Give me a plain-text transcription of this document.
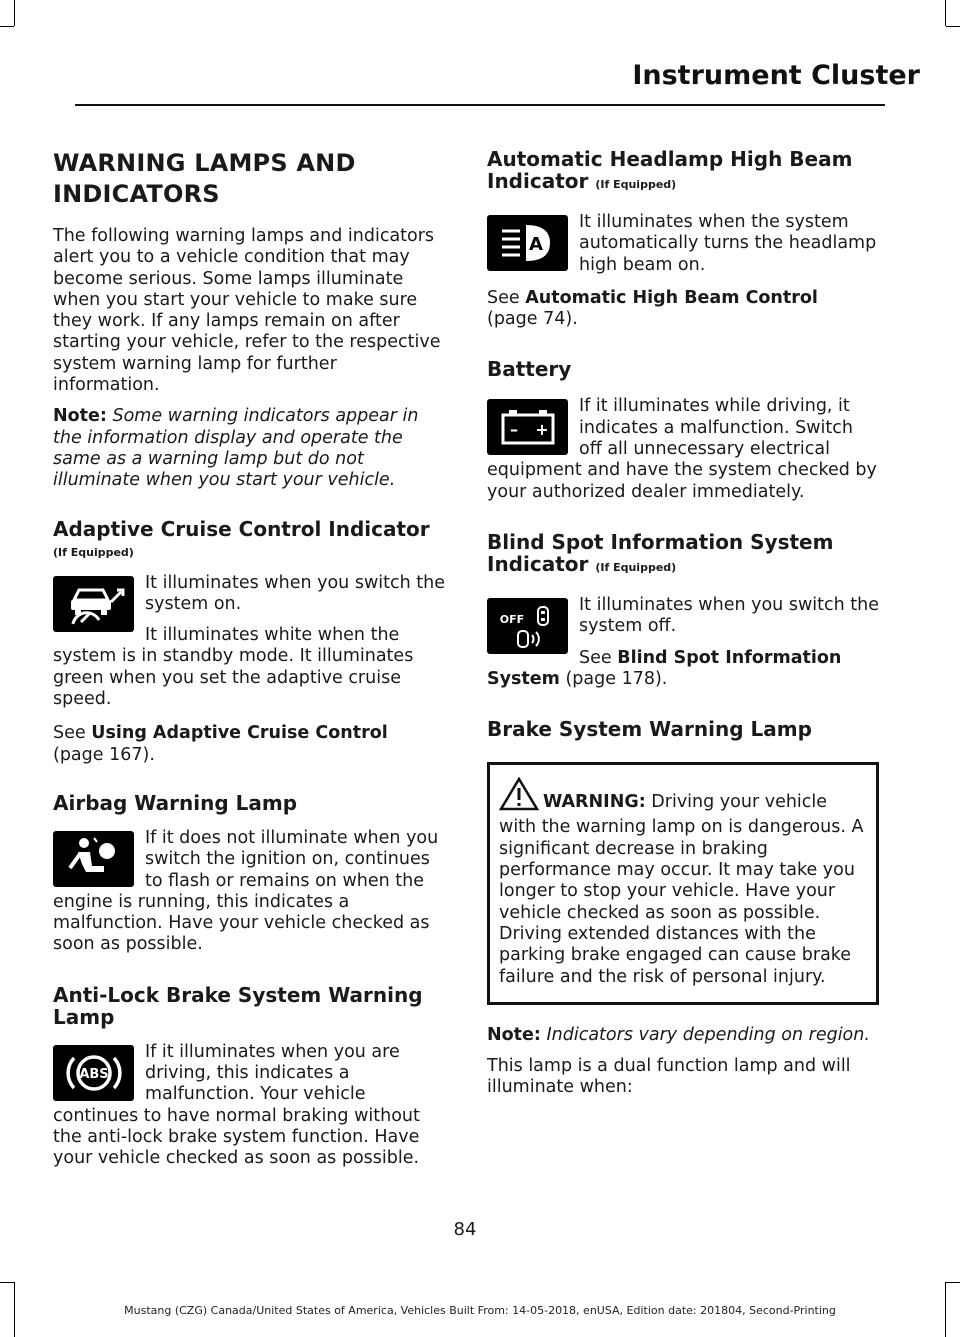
Instrument Cluster
WARNING LAMPS AND
INDICATORS

The following warning lamps and indicators alert you to a vehicle condition that may become serious. Some lamps illuminate when you start your vehicle to make sure they work. If any lamps remain on after starting your vehicle, refer to the respective system warning lamp for further information.

Note: Some warning indicators appear in the information display and operate the same as a warning lamp but do not illuminate when you start your vehicle.

Adaptive Cruise Control Indicator
(If Equipped)

It illuminates when you switch the system on.

It illuminates white when the system is in standby mode. It illuminates green when you set the adaptive cruise speed.

See Using Adaptive Cruise Control
(page 167).

Airbag Warning Lamp

If it does not illuminate when you switch the ignition on, continues to flash or remains on when the engine is running, this indicates a malfunction. Have your vehicle checked as soon as possible.

Anti-Lock Brake System Warning Lamp
ABS

If it illuminates when you are driving, this indicates a malfunction. Your vehicle continues to have normal braking without the anti-lock brake system function. Have your vehicle checked as soon as possible.

Automatic Headlamp High Beam Indicator (If Equipped)
A

It illuminates when the system automatically turns the headlamp high beam on.

See Automatic High Beam Control
(page 74).

Battery
– +

If it illuminates while driving, it indicates a malfunction. Switch off all unnecessary electrical equipment and have the system checked by your authorized dealer immediately.

Blind Spot Information System Indicator (If Equipped)
OFF

It illuminates when you switch the system off.

See Blind Spot Information System (page 178).

Brake System Warning Lamp

WARNING: Driving your vehicle with the warning lamp on is dangerous. A significant decrease in braking performance may occur. It may take you longer to stop your vehicle. Have your vehicle checked as soon as possible. Driving extended distances with the parking brake engaged can cause brake failure and the risk of personal injury.

Note: Indicators vary depending on region.

This lamp is a dual function lamp and will illuminate when:

84
Mustang (CZG) Canada/United States of America, Vehicles Built From: 14-05-2018, enUSA, Edition date: 201804, Second-Printing
